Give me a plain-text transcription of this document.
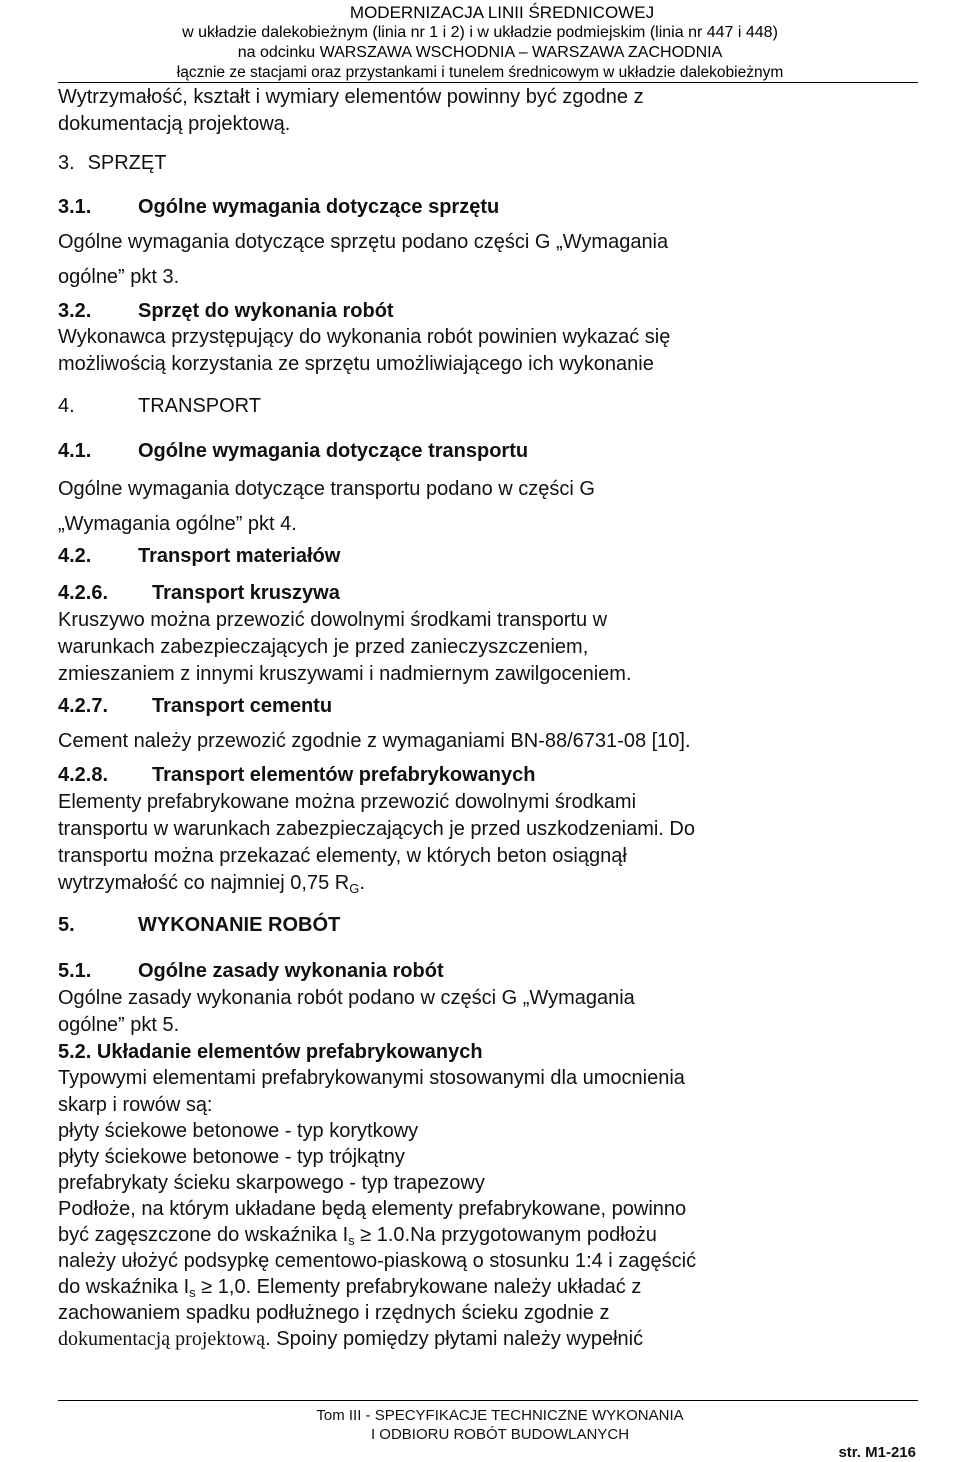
MODERNIZACJA LINII ŚREDNICOWEJ
w układzie dalekobieżnym (linia nr 1 i 2) i w układzie podmiejskim (linia nr 447 i 448)
na odcinku WARSZAWA WSCHODNIA – WARSZAWA ZACHODNIA
łącznie ze stacjami oraz przystankami i tunelem średnicowym w układzie dalekobieżnym
Wytrzymałość, kształt i wymiary elementów powinny być zgodne z
dokumentacją projektową.
3. SPRZĘT
3.1. Ogólne wymagania dotyczące sprzętu
Ogólne wymagania dotyczące sprzętu podano części G „Wymagania
ogólne” pkt 3.
3.2. Sprzęt do wykonania robót
Wykonawca przystępujący do wykonania robót powinien wykazać się
możliwością korzystania ze sprzętu umożliwiającego ich wykonanie
4.	TRANSPORT
4.1. Ogólne wymagania dotyczące transportu
Ogólne wymagania dotyczące transportu podano w części G
„Wymagania ogólne” pkt 4.
4.2. Transport materiałów
4.2.6. Transport kruszywa
Kruszywo można przewozić dowolnymi środkami transportu w
warunkach zabezpieczających je przed zanieczyszczeniem,
zmieszaniem z innymi kruszywami i nadmiernym zawilgoceniem.
4.2.7. Transport cementu
Cement należy przewozić zgodnie z wymaganiami BN-88/6731-08 [10].
4.2.8. Transport elementów prefabrykowanych
Elementy prefabrykowane można przewozić dowolnymi środkami
transportu w warunkach zabezpieczających je przed uszkodzeniami. Do
transportu można przekazać elementy, w których beton osiągnął
wytrzymałość co najmniej 0,75 $R_G$.
5.	WYKONANIE ROBÓT
5.1. Ogólne zasady wykonania robót
Ogólne zasady wykonania robót podano w części G „Wymagania
ogólne” pkt 5.
5.2. Układanie elementów prefabrykowanych
Typowymi elementami prefabrykowanymi stosowanymi dla umocnienia
skarp i rowów są:
płyty ściekowe betonowe - typ korytkowy
płyty ściekowe betonowe - typ trójkątny
prefabrykaty ścieku skarpowego - typ trapezowy
Podłoże, na którym układane będą elementy prefabrykowane, powinno
być zagęszczone do wskaźnika $I_s \ge 1.0.Na$ przygotowanym podłożu
należy ułożyć podsypkę cementowo-piaskową o stosunku 1:4 i zagęścić
do wskaźnika $I_s \ge 1,0$. Elementy prefabrykowane należy układać z
zachowaniem spadku podłużnego i rzędnych ścieku zgodnie z
dokumentacją projektową. Spoiny pomiędzy płytami należy wypełnić
Tom III - SPECYFIKACJE TECHNICZNE WYKONANIA
I ODBIORU ROBÓT BUDOWLANYCH
str. M1-216
